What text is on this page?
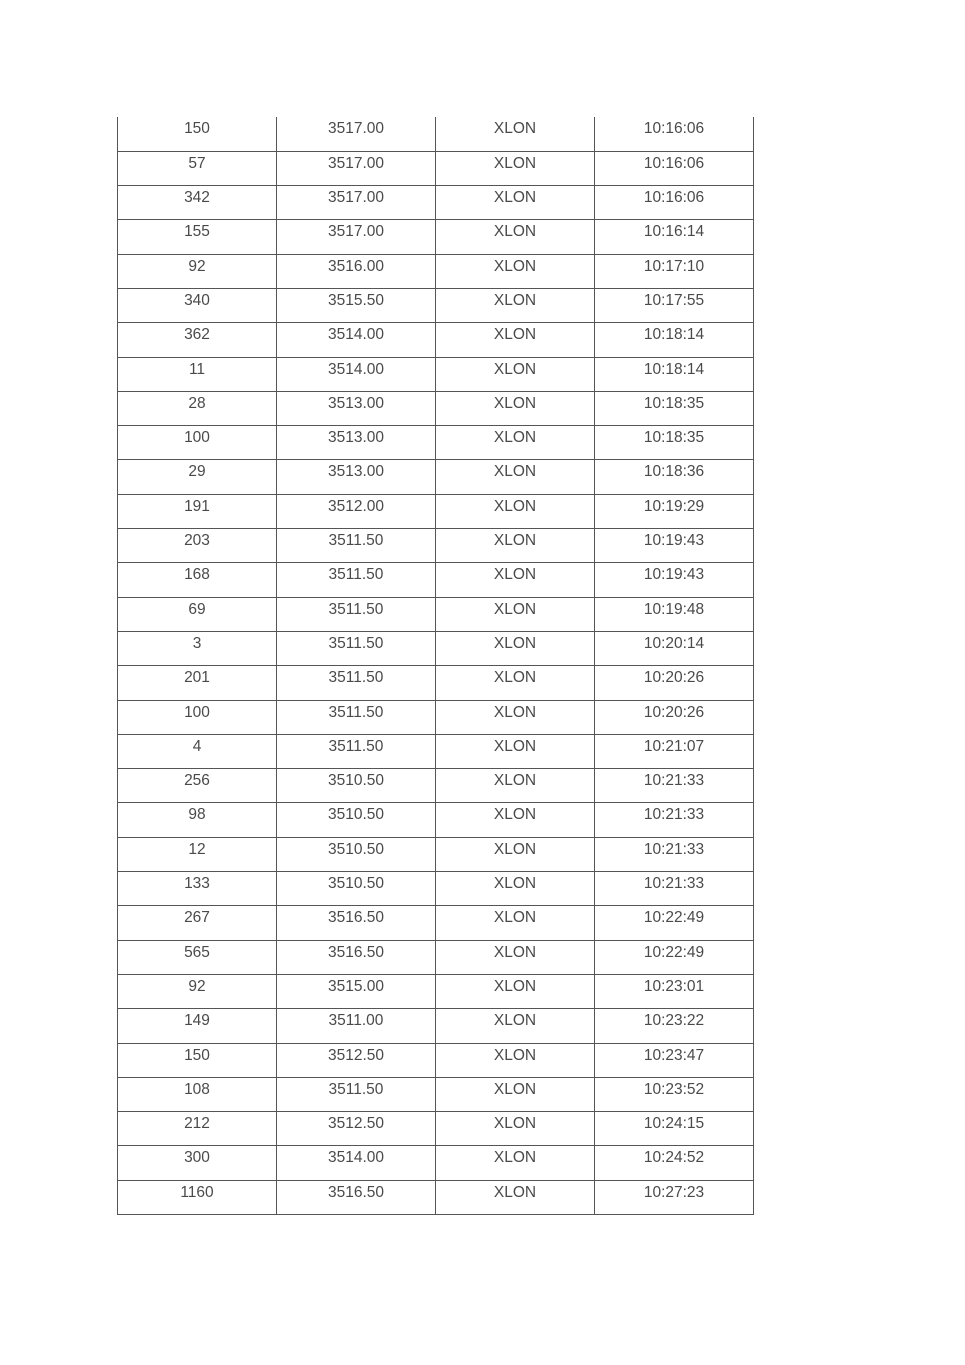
150	3517.00	XLON	10:16:06
57	3517.00	XLON	10:16:06
342	3517.00	XLON	10:16:06
155	3517.00	XLON	10:16:14
92	3516.00	XLON	10:17:10
340	3515.50	XLON	10:17:55
362	3514.00	XLON	10:18:14
11	3514.00	XLON	10:18:14
28	3513.00	XLON	10:18:35
100	3513.00	XLON	10:18:35
29	3513.00	XLON	10:18:36
191	3512.00	XLON	10:19:29
203	3511.50	XLON	10:19:43
168	3511.50	XLON	10:19:43
69	3511.50	XLON	10:19:48
3	3511.50	XLON	10:20:14
201	3511.50	XLON	10:20:26
100	3511.50	XLON	10:20:26
4	3511.50	XLON	10:21:07
256	3510.50	XLON	10:21:33
98	3510.50	XLON	10:21:33
12	3510.50	XLON	10:21:33
133	3510.50	XLON	10:21:33
267	3516.50	XLON	10:22:49
565	3516.50	XLON	10:22:49
92	3515.00	XLON	10:23:01
149	3511.00	XLON	10:23:22
150	3512.50	XLON	10:23:47
108	3511.50	XLON	10:23:52
212	3512.50	XLON	10:24:15
300	3514.00	XLON	10:24:52
1160	3516.50	XLON	10:27:23
